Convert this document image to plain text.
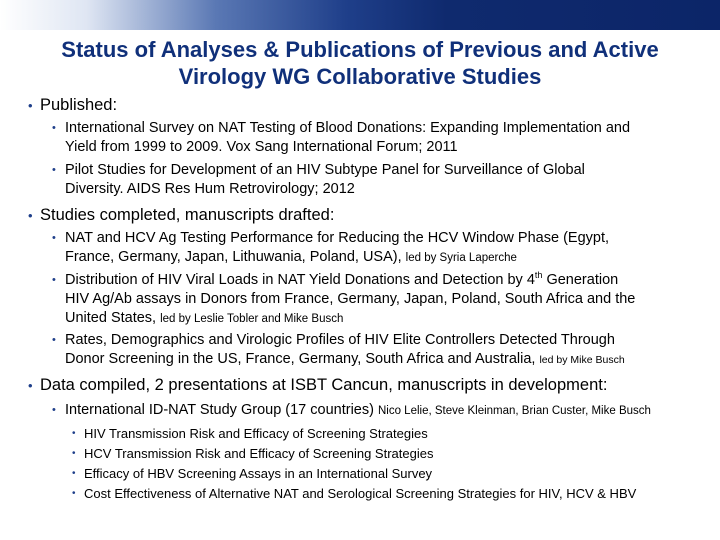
Status of Analyses & Publications of Previous and Active
Virology WG Collaborative Studies
• Published:
• International Survey on NAT Testing of Blood Donations: Expanding Implementation and
Yield from 1999 to 2009. Vox Sang International Forum; 2011
• Pilot Studies for Development of an HIV Subtype Panel for Surveillance of Global
Diversity. AIDS Res Hum Retrovirology; 2012
• Studies completed, manuscripts drafted:
• NAT and HCV Ag Testing Performance for Reducing the HCV Window Phase (Egypt,
France, Germany, Japan, Lithuwania, Poland, USA), led by Syria Laperche
• Distribution of HIV Viral Loads in NAT Yield Donations and Detection by 4th Generation
HIV Ag/Ab assays in Donors from France, Germany, Japan, Poland, South Africa and the
United States, led by Leslie Tobler and Mike Busch
• Rates, Demographics and Virologic Profiles of HIV Elite Controllers Detected Through
Donor Screening in the US, France, Germany, South Africa and Australia, led by Mike Busch
• Data compiled, 2 presentations at ISBT Cancun, manuscripts in development:
• International ID-NAT Study Group (17 countries) Nico Lelie, Steve Kleinman, Brian Custer, Mike Busch
• HIV Transmission Risk and Efficacy of Screening Strategies
• HCV Transmission Risk and Efficacy of Screening Strategies
• Efficacy of HBV Screening Assays in an International Survey
• Cost Effectiveness of Alternative NAT and Serological Screening Strategies for HIV, HCV & HBV
